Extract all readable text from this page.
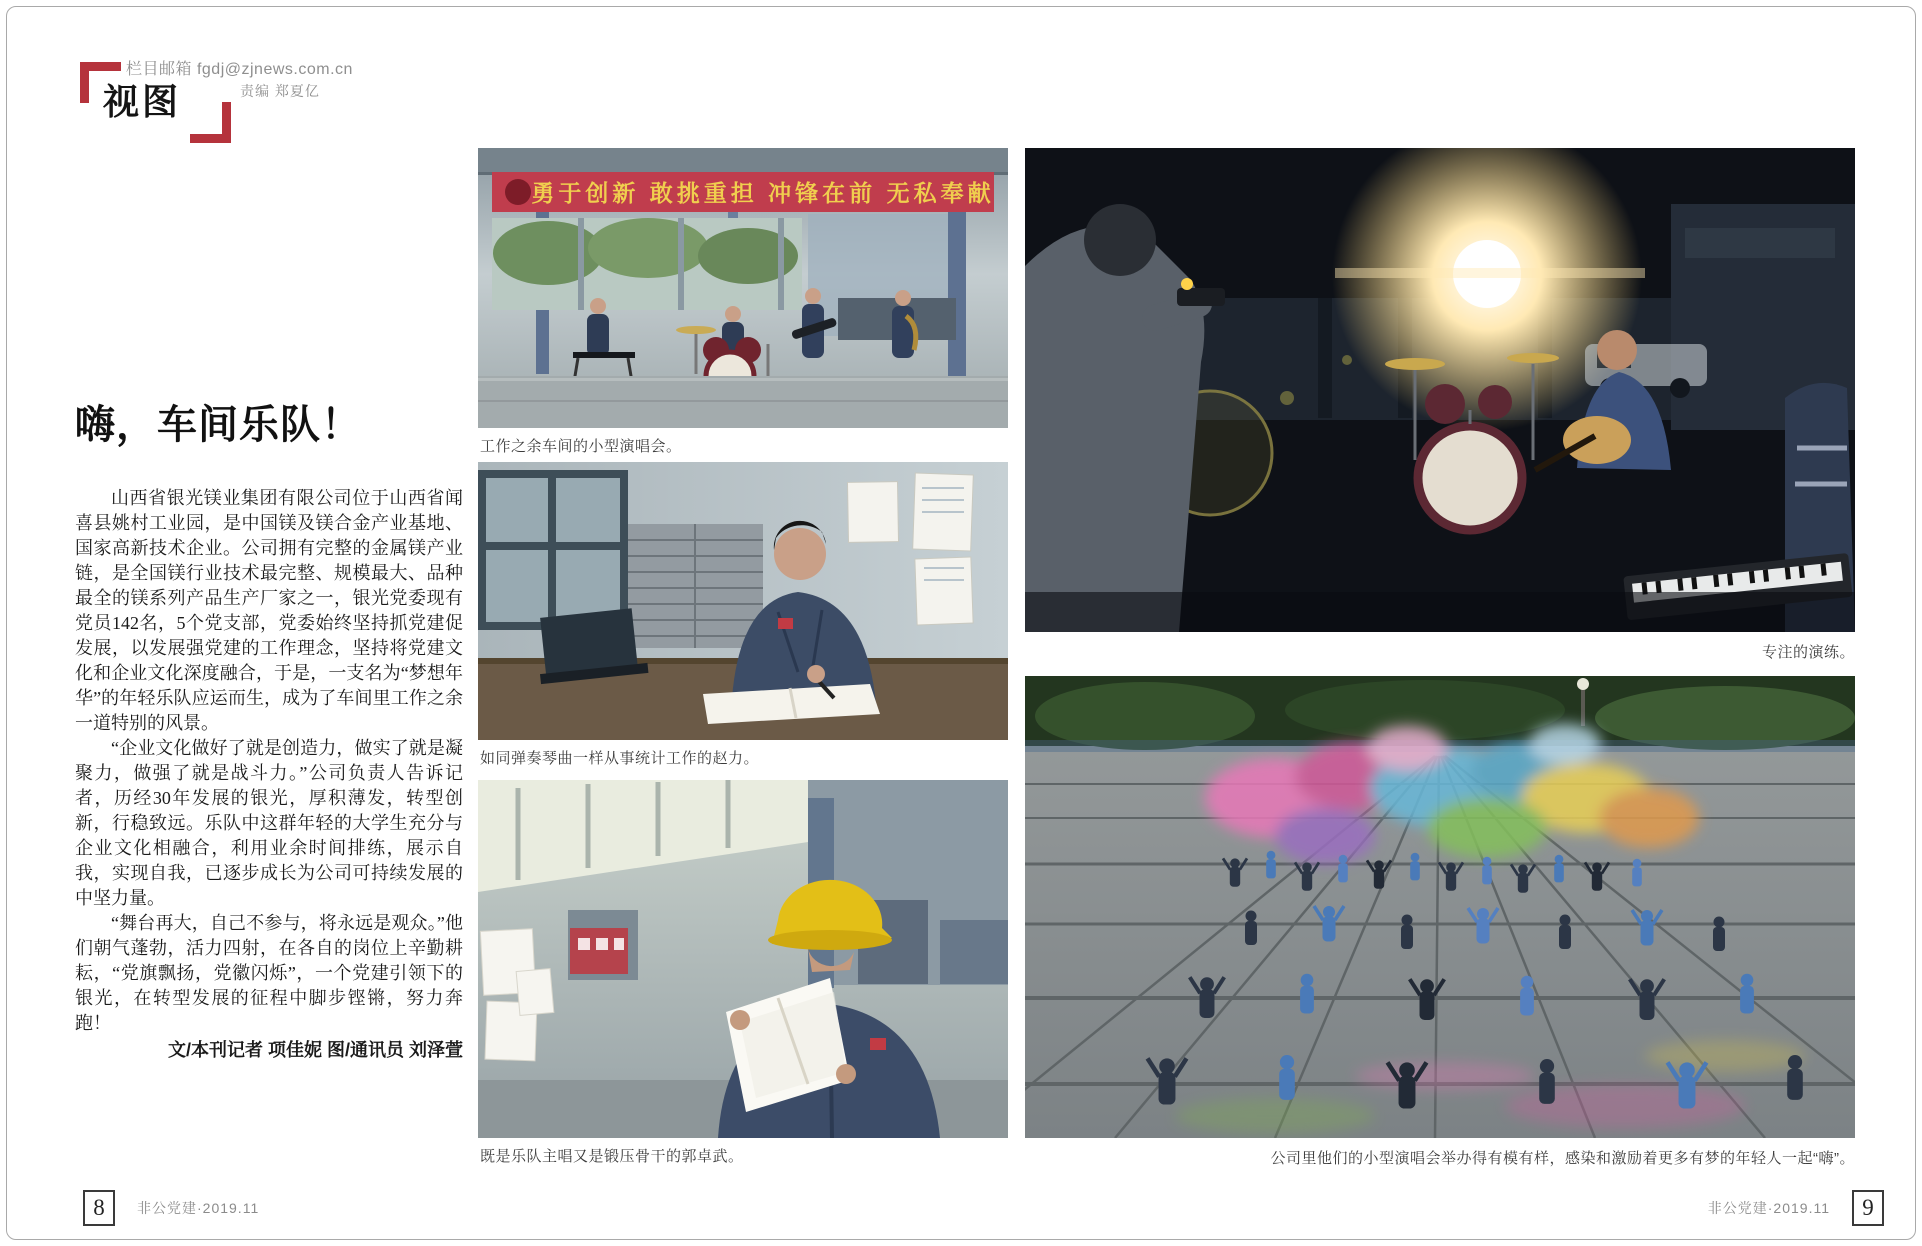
视图
栏目邮箱 fgdj@zjnews.com.cn
责编 郑夏亿
嗨，车间乐队！

山西省银光镁业集团有限公司位于山西省闻喜县姚村工业园，是中国镁及镁合金产业基地、国家高新技术企业。公司拥有完整的金属镁产业链，是全国镁行业技术最完整、规模最大、品种最全的镁系列产品生产厂家之一，银光党委现有党员142名，5个党支部，党委始终坚持抓党建促发展，以发展强党建的工作理念，坚持将党建文化和企业文化深度融合，于是，一支名为“梦想年华”的年轻乐队应运而生，成为了车间里工作之余一道特别的风景。

“企业文化做好了就是创造力，做实了就是凝聚力，做强了就是战斗力。”公司负责人告诉记者，历经30年发展的银光，厚积薄发，转型创新，行稳致远。乐队中这群年轻的大学生充分与企业文化相融合，利用业余时间排练，展示自我，实现自我，已逐步成长为公司可持续发展的中坚力量。

“舞台再大，自己不参与，将永远是观众。”他们朝气蓬勃，活力四射，在各自的岗位上辛勤耕耘，“党旗飘扬，党徽闪烁”，一个党建引领下的银光，在转型发展的征程中脚步铿锵，努力奔跑！

文/本刊记者 项佳妮 图/通讯员 刘泽萱

勇于创新 敢挑重担 冲锋在前 无私奉献
工作之余车间的小型演唱会。
如同弹奏琴曲一样从事统计工作的赵力。
既是乐队主唱又是锻压骨干的郭卓武。
专注的演练。
公司里他们的小型演唱会举办得有模有样，感染和激励着更多有梦的年轻人一起“嗨”。
8	非公党建·2019.11	非公党建·2019.11	9
